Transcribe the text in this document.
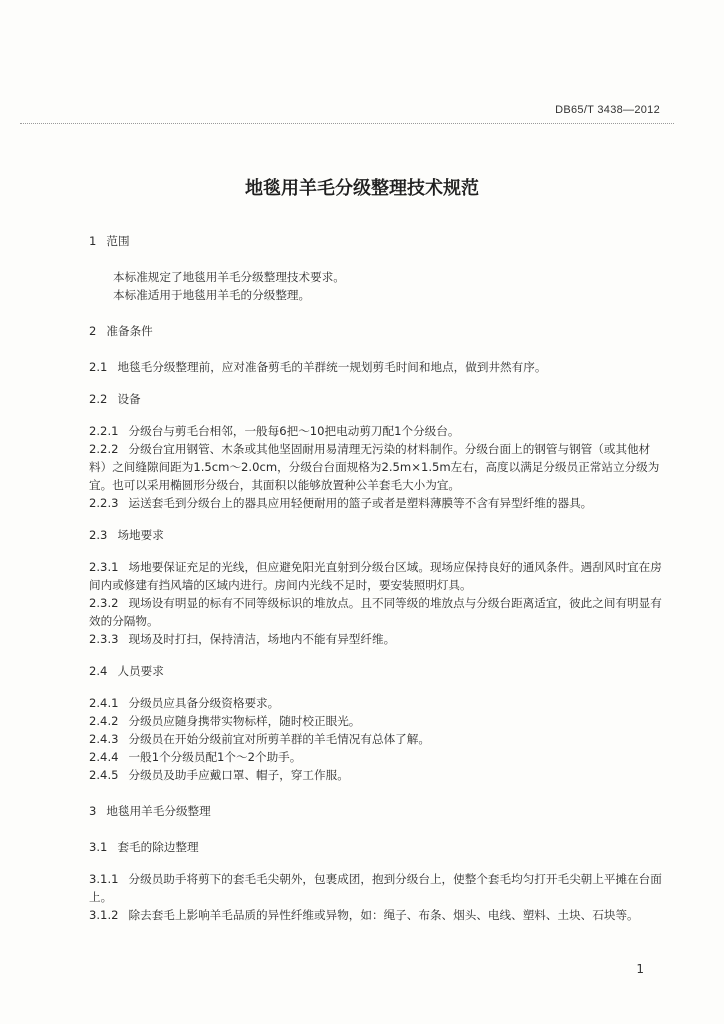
DB65/T 3438—2012
地毯用羊毛分级整理技术规范

1 范围

本标准规定了地毯用羊毛分级整理技术要求。

本标准适用于地毯用羊毛的分级整理。

2 准备条件

2.1 地毯毛分级整理前，应对准备剪毛的羊群统一规划剪毛时间和地点，做到井然有序。

2.2 设备

2.2.1 分级台与剪毛台相邻，一般每6把～10把电动剪刀配1个分级台。

2.2.2 分级台宜用钢管、木条或其他坚固耐用易清理无污染的材料制作。分级台面上的钢管与钢管（或其他材料）之间缝隙间距为1.5cm～2.0cm，分级台台面规格为2.5m×1.5m左右，高度以满足分级员正常站立分级为宜。也可以采用椭圆形分级台，其面积以能够放置种公羊套毛大小为宜。

2.2.3 运送套毛到分级台上的器具应用轻便耐用的篮子或者是塑料薄膜等不含有异型纤维的器具。

2.3 场地要求

2.3.1 场地要保证充足的光线，但应避免阳光直射到分级台区域。现场应保持良好的通风条件。遇刮风时宜在房间内或修建有挡风墙的区域内进行。房间内光线不足时，要安装照明灯具。

2.3.2 现场设有明显的标有不同等级标识的堆放点。且不同等级的堆放点与分级台距离适宜，彼此之间有明显有效的分隔物。

2.3.3 现场及时打扫，保持清洁，场地内不能有异型纤维。

2.4 人员要求

2.4.1 分级员应具备分级资格要求。

2.4.2 分级员应随身携带实物标样，随时校正眼光。

2.4.3 分级员在开始分级前宜对所剪羊群的羊毛情况有总体了解。

2.4.4 一般1个分级员配1个～2个助手。

2.4.5 分级员及助手应戴口罩、帽子，穿工作服。

3 地毯用羊毛分级整理

3.1 套毛的除边整理

3.1.1 分级员助手将剪下的套毛毛尖朝外，包裹成团，抱到分级台上，使整个套毛均匀打开毛尖朝上平摊在台面上。

3.1.2 除去套毛上影响羊毛品质的异性纤维或异物，如：绳子、布条、烟头、电线、塑料、土块、石块等。

1
